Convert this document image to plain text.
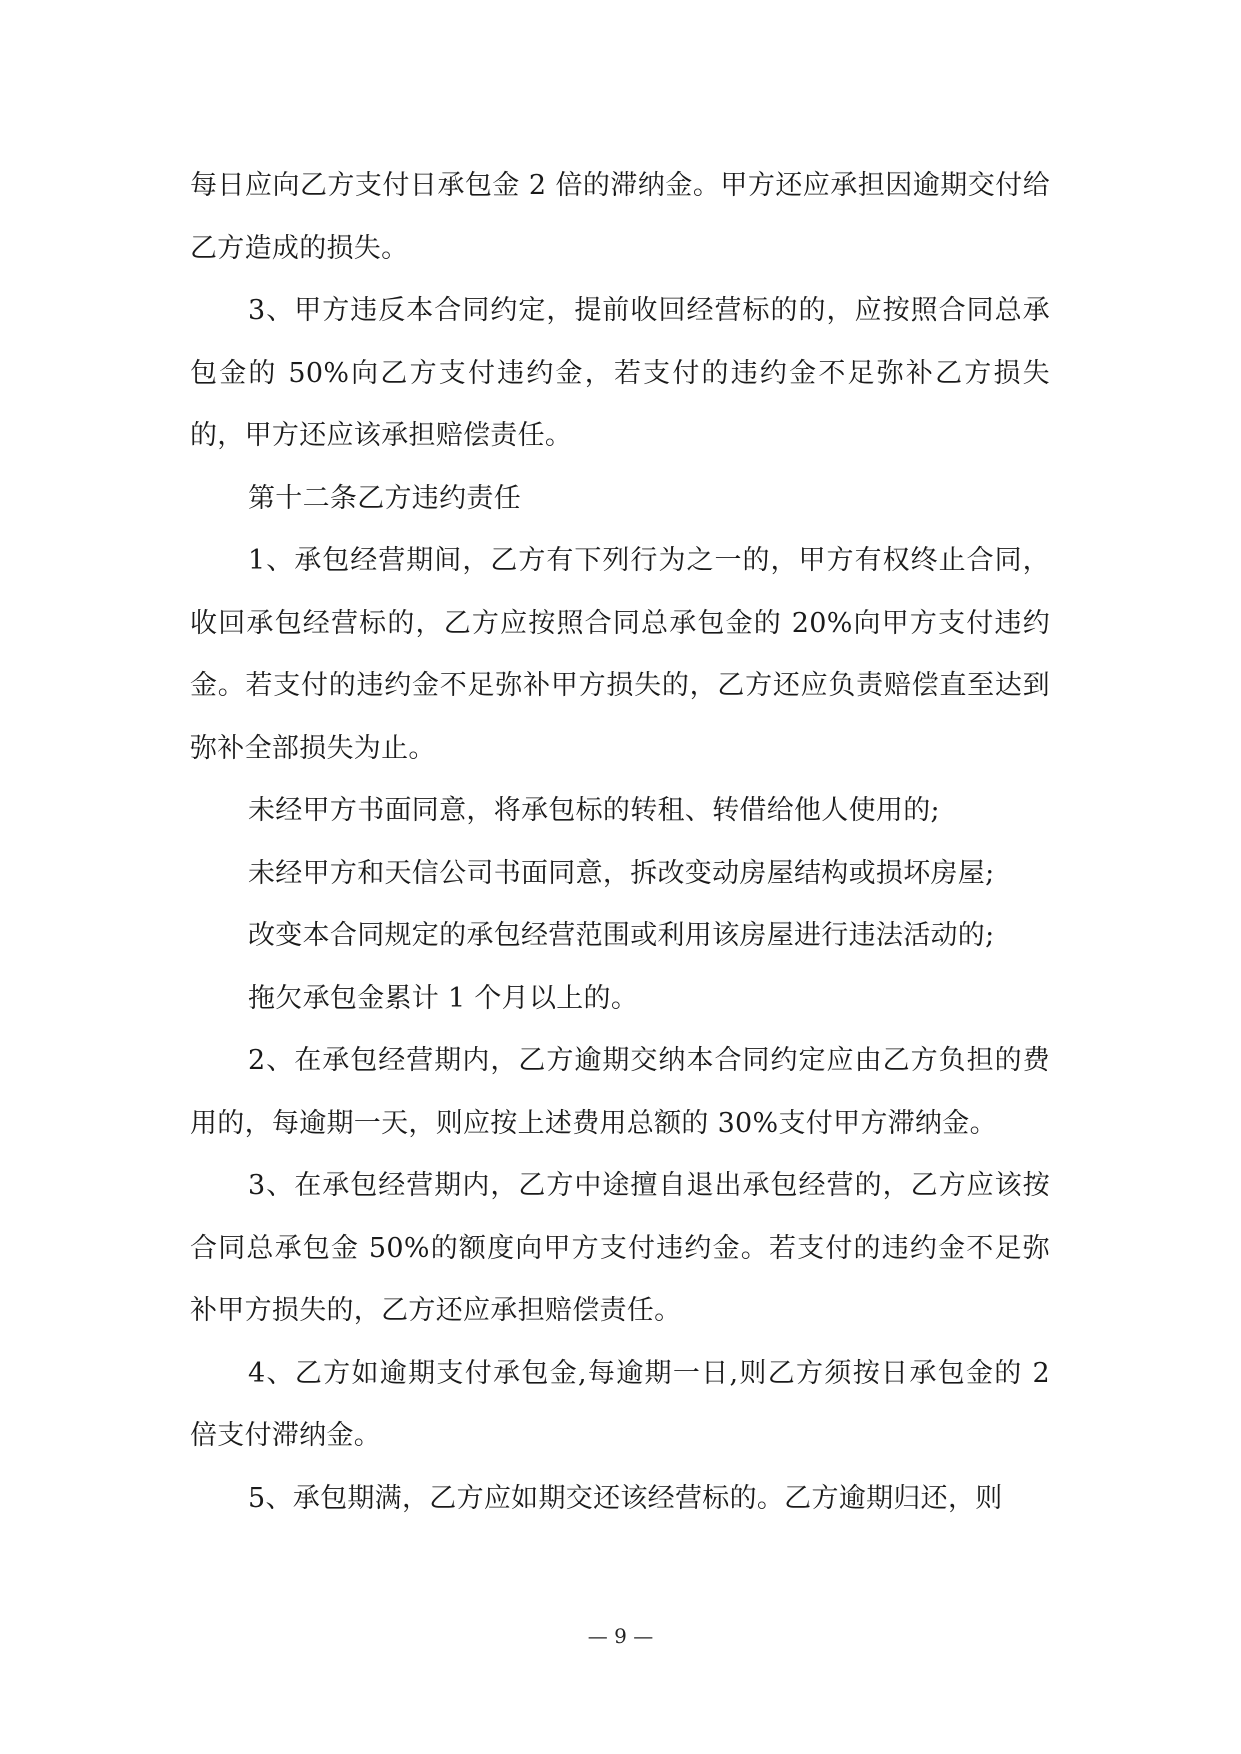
每日应向乙方支付日承包金 2 倍的滞纳金。甲方还应承担因逾期交付给乙方造成的损失。

3、甲方违反本合同约定，提前收回经营标的的，应按照合同总承包金的 50%向乙方支付违约金，若支付的违约金不足弥补乙方损失的，甲方还应该承担赔偿责任。

第十二条乙方违约责任

1、承包经营期间，乙方有下列行为之一的，甲方有权终止合同，收回承包经营标的，乙方应按照合同总承包金的 20%向甲方支付违约金。若支付的违约金不足弥补甲方损失的，乙方还应负责赔偿直至达到弥补全部损失为止。

未经甲方书面同意，将承包标的转租、转借给他人使用的;

未经甲方和天信公司书面同意，拆改变动房屋结构或损坏房屋;

改变本合同规定的承包经营范围或利用该房屋进行违法活动的;

拖欠承包金累计 1 个月以上的。

2、在承包经营期内，乙方逾期交纳本合同约定应由乙方负担的费用的，每逾期一天，则应按上述费用总额的 30%支付甲方滞纳金。

3、在承包经营期内，乙方中途擅自退出承包经营的，乙方应该按合同总承包金 50%的额度向甲方支付违约金。若支付的违约金不足弥补甲方损失的，乙方还应承担赔偿责任。

4、乙方如逾期支付承包金,每逾期一日,则乙方须按日承包金的 2 倍支付滞纳金。

5、承包期满，乙方应如期交还该经营标的。乙方逾期归还，则

— 9 —
